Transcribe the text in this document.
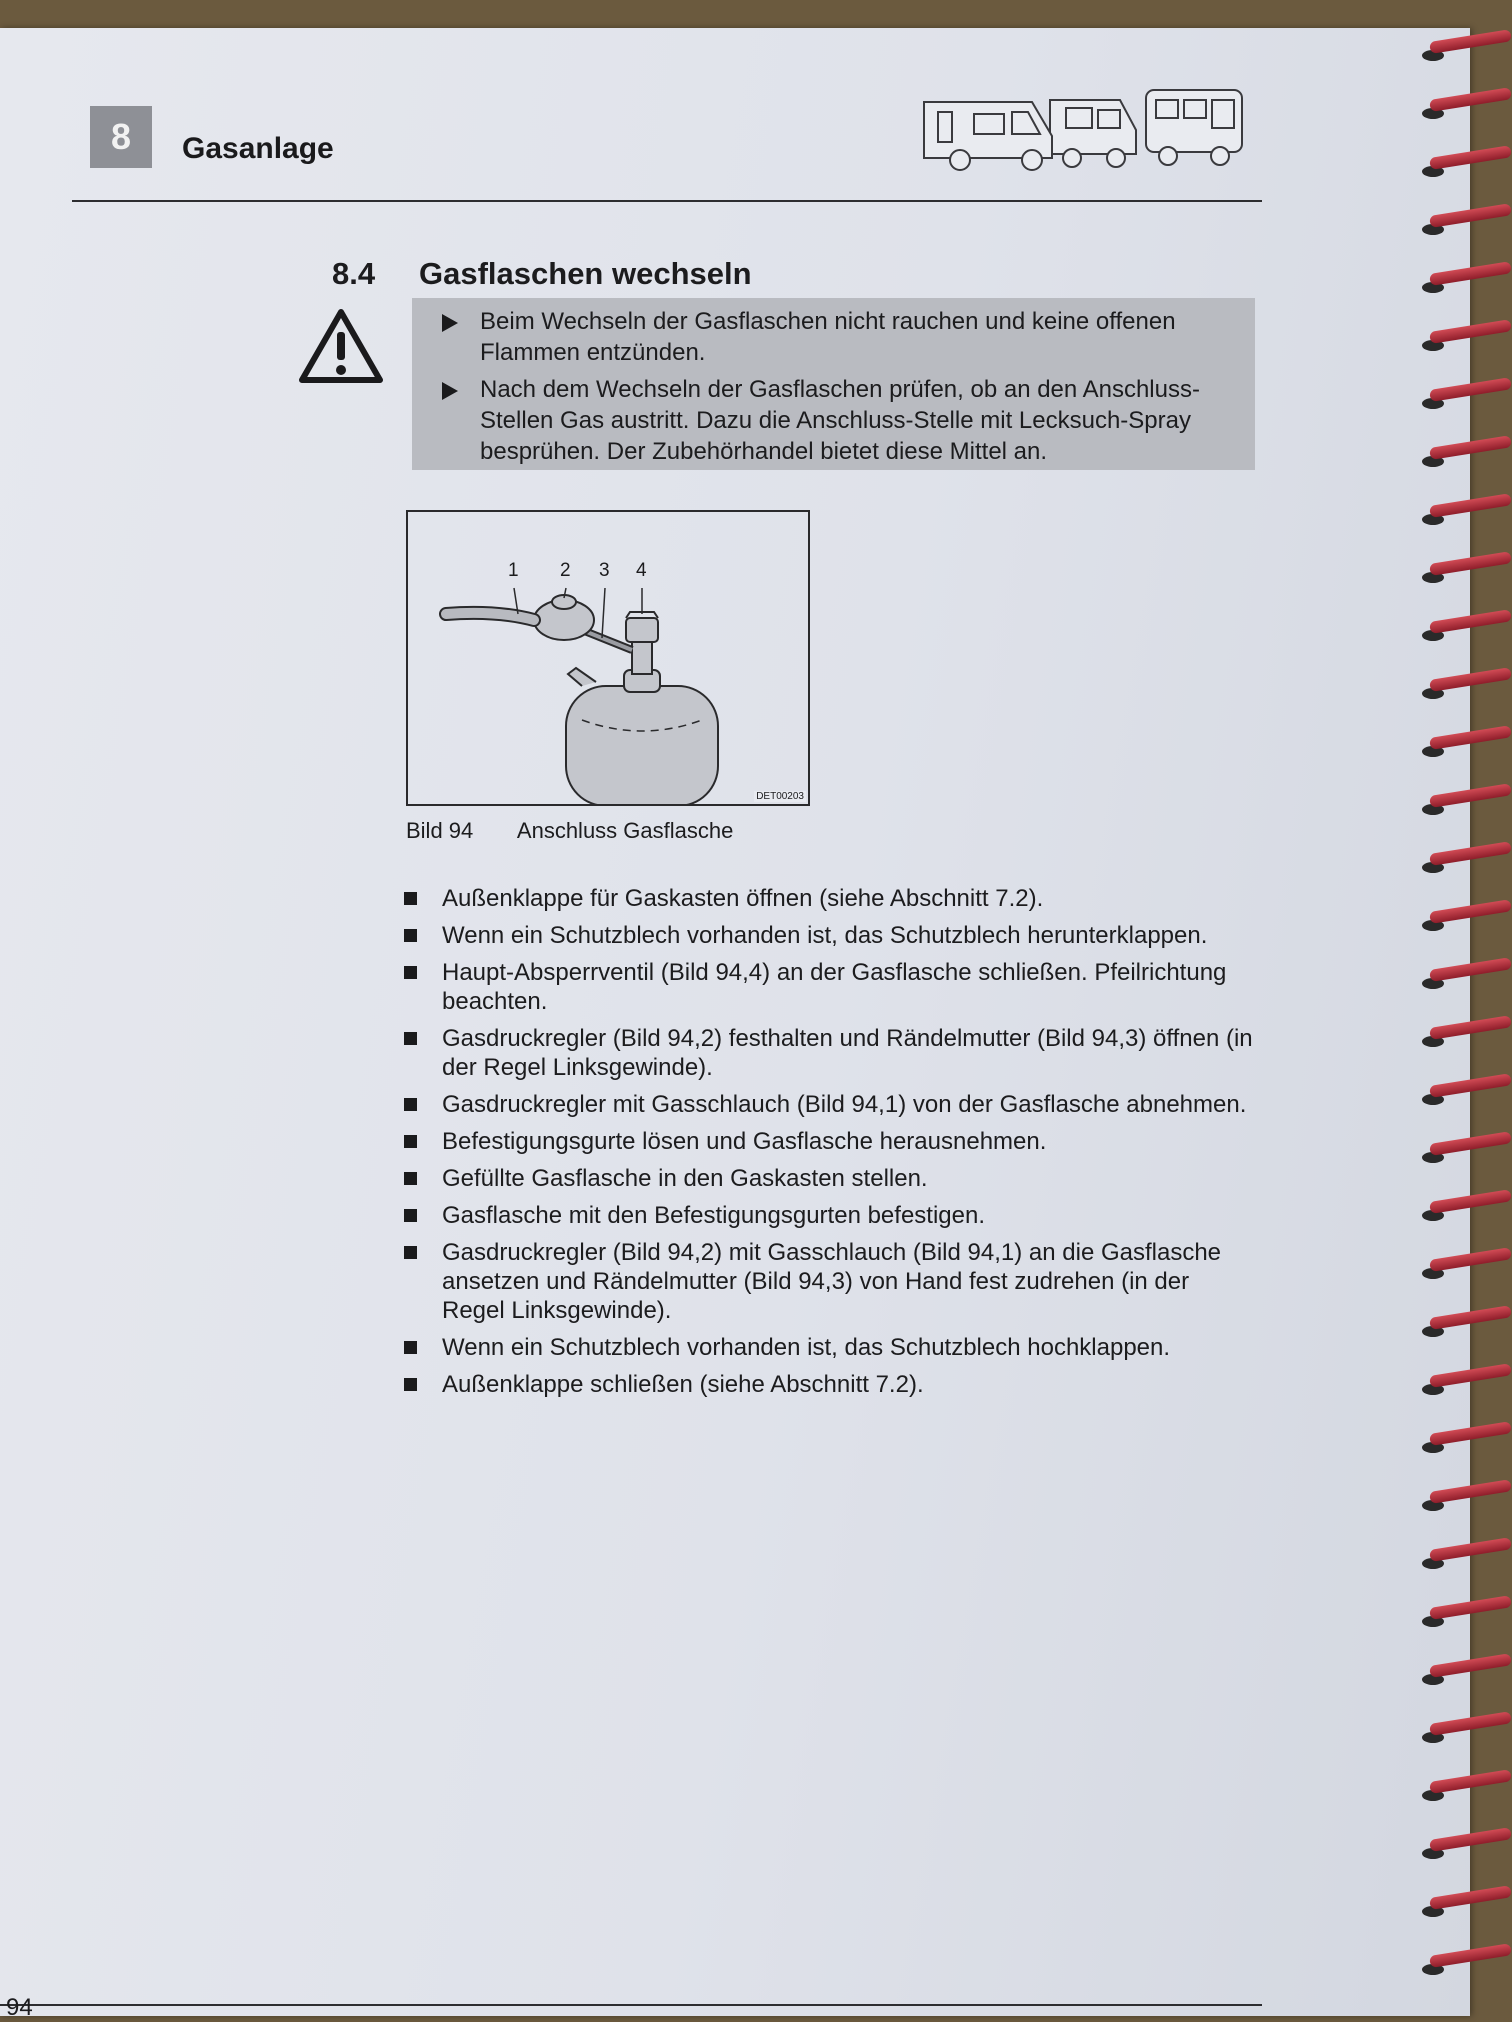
8	Gasanlage
8.4 Gasflaschen wechseln
Beim Wechseln der Gasflaschen nicht rauchen und keine offenen Flammen entzünden.
Nach dem Wechseln der Gasflaschen prüfen, ob an den Anschluss-Stellen Gas austritt. Dazu die Anschluss-Stelle mit Lecksuch-Spray besprühen. Der Zubehörhandel bietet diese Mittel an.
1 2 3 4
DET00203
Bild 94 Anschluss Gasflasche
Außenklappe für Gaskasten öffnen (siehe Abschnitt 7.2).
Wenn ein Schutzblech vorhanden ist, das Schutzblech herunterklappen.
Haupt-Absperrventil (Bild 94,4) an der Gasflasche schließen. Pfeilrichtung beachten.
Gasdruckregler (Bild 94,2) festhalten und Rändelmutter (Bild 94,3) öffnen (in der Regel Linksgewinde).
Gasdruckregler mit Gasschlauch (Bild 94,1) von der Gasflasche abnehmen.
Befestigungsgurte lösen und Gasflasche herausnehmen.
Gefüllte Gasflasche in den Gaskasten stellen.
Gasflasche mit den Befestigungsgurten befestigen.
Gasdruckregler (Bild 94,2) mit Gasschlauch (Bild 94,1) an die Gasflasche ansetzen und Rändelmutter (Bild 94,3) von Hand fest zudrehen (in der Regel Linksgewinde).
Wenn ein Schutzblech vorhanden ist, das Schutzblech hochklappen.
Außenklappe schließen (siehe Abschnitt 7.2).
94
